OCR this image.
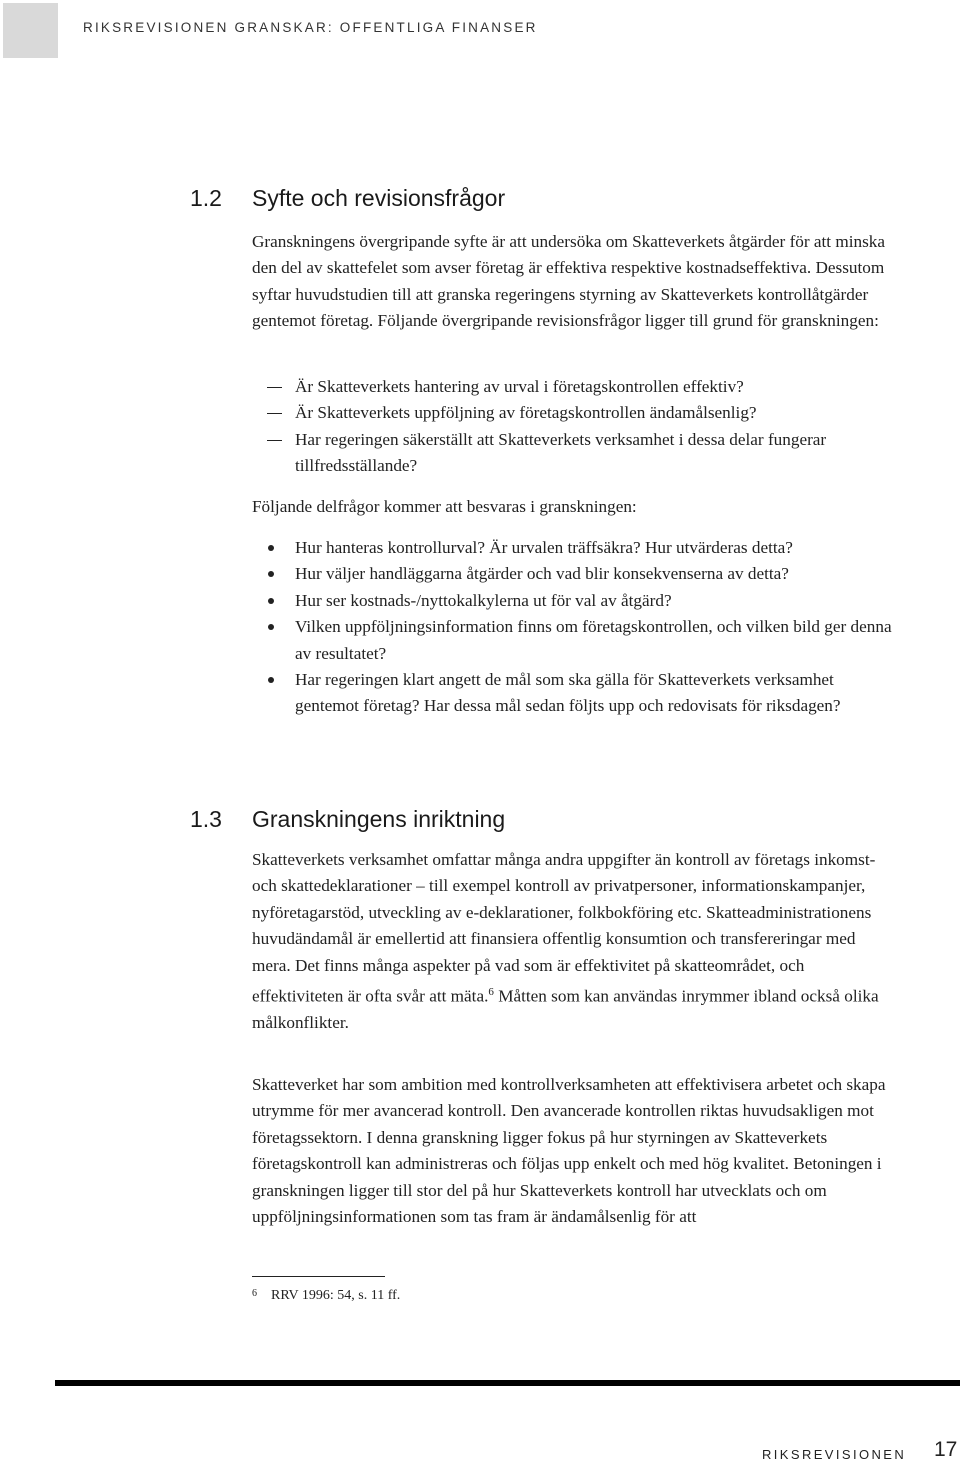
RIKSREVISIONEN GRANSKAR: OFFENTLIGA FINANSER
1.2 Syfte och revisionsfrågor

Granskningens övergripande syfte är att undersöka om Skatteverkets åtgärder för att minska den del av skattefelet som avser företag är effektiva respektive kostnadseffektiva. Dessutom syftar huvudstudien till att granska regeringens styrning av Skatteverkets kontrollåtgärder gentemot företag. Följande övergripande revisionsfrågor ligger till grund för granskningen:

Är Skatteverkets hantering av urval i företagskontrollen effektiv?
Är Skatteverkets uppföljning av företagskontrollen ändamålsenlig?
Har regeringen säkerställt att Skatteverkets verksamhet i dessa delar fungerar tillfredsställande?

Följande delfrågor kommer att besvaras i granskningen:

Hur hanteras kontrollurval? Är urvalen träffsäkra? Hur utvärderas detta?
Hur väljer handläggarna åtgärder och vad blir konsekvenserna av detta?
Hur ser kostnads-/nyttokalkylerna ut för val av åtgärd?
Vilken uppföljningsinformation finns om företagskontrollen, och vilken bild ger denna av resultatet?
Har regeringen klart angett de mål som ska gälla för Skatteverkets verksamhet gentemot företag? Har dessa mål sedan följts upp och redovisats för riksdagen?
1.3 Granskningens inriktning

Skatteverkets verksamhet omfattar många andra uppgifter än kontroll av företags inkomst- och skattedeklarationer – till exempel kontroll av privatpersoner, informationskampanjer, nyföretagarstöd, utveckling av e-deklarationer, folkbokföring etc. Skatteadministrationens huvudändamål är emellertid att finansiera offentlig konsumtion och transfereringar med mera. Det finns många aspekter på vad som är effektivitet på skatteområdet, och effektiviteten är ofta svår att mäta.$^6$ Måtten som kan användas inrymmer ibland också olika målkonflikter.

Skatteverket har som ambition med kontrollverksamheten att effektivisera arbetet och skapa utrymme för mer avancerad kontroll. Den avancerade kontrollen riktas huvudsakligen mot företagssektorn. I denna granskning ligger fokus på hur styrningen av Skatteverkets företagskontroll kan administreras och följas upp enkelt och med hög kvalitet. Betoningen i granskningen ligger till stor del på hur Skatteverkets kontroll har utvecklats och om uppföljningsinformationen som tas fram är ändamålsenlig för att

$^6$ RRV 1996: 54, s. 11 ff.
RIKSREVISIONEN 17
